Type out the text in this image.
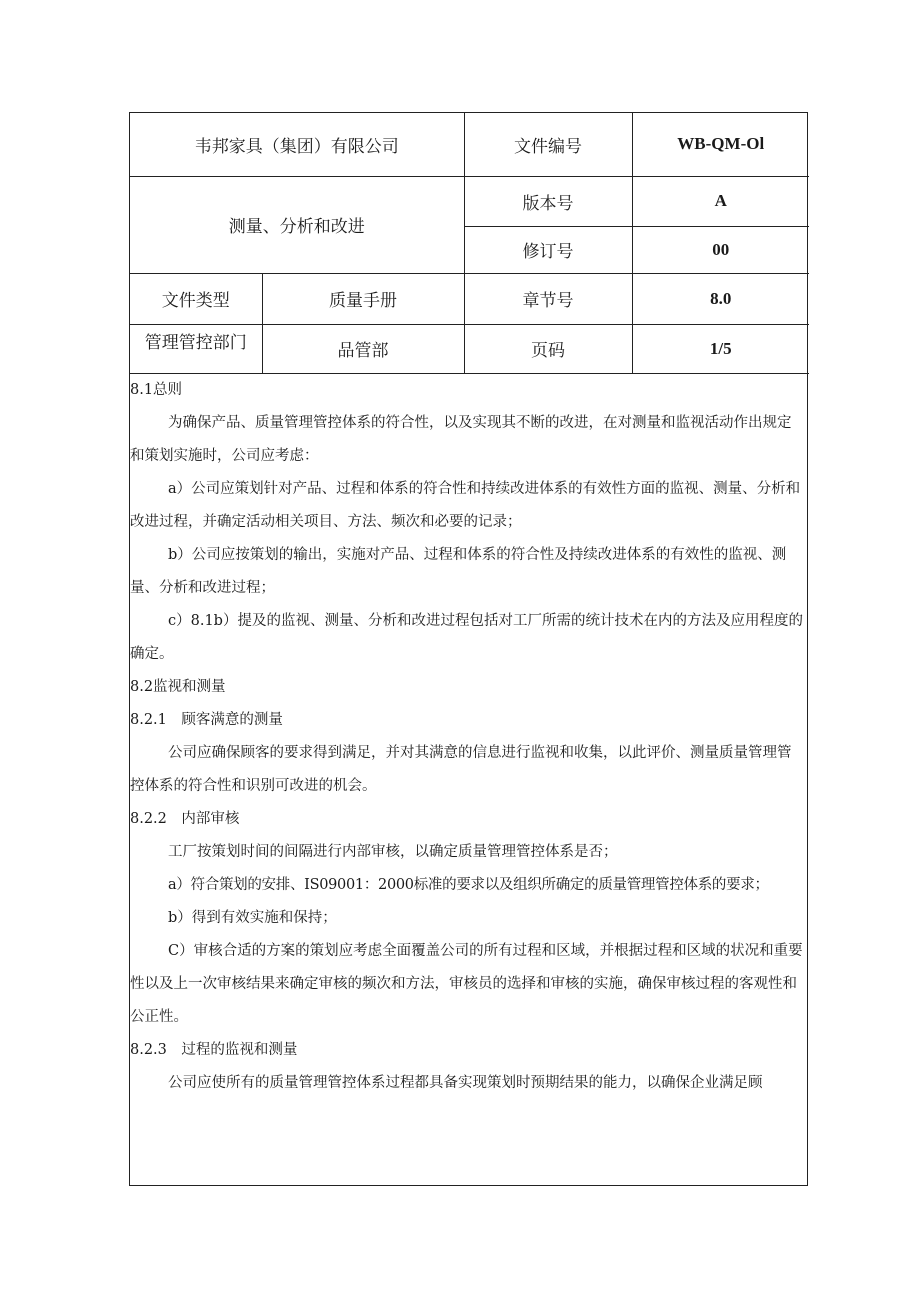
韦邦家具（集团）有限公司		文件编号	WB-QM-Ol
测量、分析和改进		版本号	A
		修订号	00
文件类型	质量手册	章节号	8.0
管理管控部门	品管部	页码	1/5

8.1总则

为确保产品、质量管理管控体系的符合性，以及实现其不断的改进，在对测量和监视活动作出规定和策划实施时，公司应考虑：

a）公司应策划针对产品、过程和体系的符合性和持续改进体系的有效性方面的监视、测量、分析和改进过程，并确定活动相关项目、方法、频次和必要的记录；

b）公司应按策划的输出，实施对产品、过程和体系的符合性及持续改进体系的有效性的监视、测量、分析和改进过程；

c）8.1b）提及的监视、测量、分析和改进过程包括对工厂所需的统计技术在内的方法及应用程度的确定。

8.2监视和测量

8.2.1　顾客满意的测量

公司应确保顾客的要求得到满足，并对其满意的信息进行监视和收集，以此评价、测量质量管理管控体系的符合性和识别可改进的机会。

8.2.2　内部审核

工厂按策划时间的间隔进行内部审核，以确定质量管理管控体系是否；

a）符合策划的安排、IS09001：2000标准的要求以及组织所确定的质量管理管控体系的要求；

b）得到有效实施和保持；

C）审核合适的方案的策划应考虑全面覆盖公司的所有过程和区域，并根据过程和区域的状况和重要性以及上一次审核结果来确定审核的频次和方法，审核员的选择和审核的实施，确保审核过程的客观性和公正性。

8.2.3　过程的监视和测量

公司应使所有的质量管理管控体系过程都具备实现策划时预期结果的能力，以确保企业满足顾
